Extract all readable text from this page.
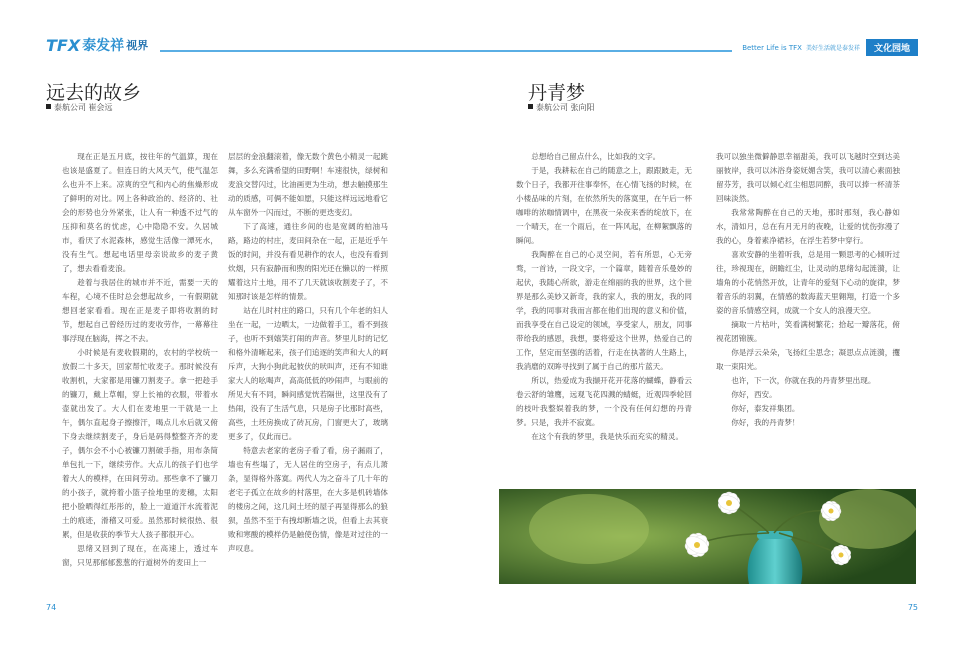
TFX 泰发祥 视界
远去的故乡
泰航公司 崔会远

现在正是五月底，按往年的气温算，现在也该是盛夏了。但连日的大风天气，使气温怎么也升不上来。凉爽的空气和内心的焦燥形成了鲜明的对比。网上各种政治的、经济的、社会的形势也分外紧张，让人有一种透不过气的压抑和莫名的忧虑，心中隐隐不安。久居城市，看厌了水泥森林，感觉生活像一潭死水，没有生气。想起电话里母亲说故乡的麦子黄了，想去看看麦浪。

趁着与我居住的城市并不近，需要一天的车程，心境不佳时总会想起故乡，一有假期就想回老家看看。现在正是麦子即将收割的时节，想起自己曾经历过的麦收劳作，一幕幕往事浮现在脑海，挥之不去。

小时候是有麦收假期的，农村的学校统一放假二十多天，回家帮忙收麦子。那时候没有收割机，大家都是用镰刀割麦子。拿一把趁手的镰刀，戴上草帽，穿上长袖的衣服，带着水壶就出发了。大人们在麦地里一干就是一上午，偶尔直起身子擦擦汗，喝点儿水后就又俯下身去继续割麦子，身后是码得整整齐齐的麦子，偶尔会不小心被镰刀割破手指，用布条简单包扎一下，继续劳作。大点儿的孩子们也学着大人的模样，在田间劳动。那些拿不了镰刀的小孩子，就挎着小篮子捡地里的麦穗，太阳把小脸晒得红彤彤的，脸上一道道汗水流着泥土的痕迹，滑稽又可爱。虽然那时候很热、很累，但是收获的季节大人孩子都很开心。

思绪又回到了现在，在高速上，透过车窗，只见那郁郁葱葱的行道树外的麦田上一

层层的金浪翻滚着，像无数个黄色小精灵一起跳舞，多么充满希望的田野啊！车速很快，绿树和麦浪交替闪过，比油画更为生动，想去触摸那生动的质感，可俩不能如愿，只能这样远远地看它从车窗外一闪而过，不断的更迭变幻。

下了高速，通往乡间的也是宽阔的柏油马路，路边的村庄，麦田间杂在一起，正是近乎午饭的时间，并没有看见耕作的农人，也没有看到炊烟，只有寂静而和煦的阳光还在懒以的一样照耀着这片土地，用不了几天就该收割麦子了，不知那时该是怎样的情景。

站在儿时村庄的路口，只有几个年老的妇人坐在一起，一边晒太，一边做着手工，看不到孩子，也听不到嬉笑打闹的声音。梦里儿时的记忆和格外清晰起来，孩子们追逐的笑声和大人的呵斥声，大狗小狗此起彼伏的吠叫声，还有不知谁家大人的吆喝声，高高低低的吵闹声，与眼前的所见大有不同，瞬间感觉恍若隔世，这里没有了热闹，没有了生活气息，只是房子比那时高些，高些，土坯房换成了砖瓦房，门窗更大了，玻璃更多了，仅此而已。

特意去老家的老房子看了看，房子漏雨了，墙也有些塌了，无人居住的空房子，有点儿萧条，显得格外落寞。两代人为之奋斗了几十年的老宅子孤立在故乡的村落里，在大多是机砖墙体的楼房之间，这几间土坯的屋子再显得那么的狼狈，虽然不至于有拽却断墙之说，但看上去其衰败和寒酸的模样仍是触使伤情，像是对过往的一声叹息。

74
Better Life is TFX 美好生活就是泰发祥	文化园地
丹青梦
泰航公司 张向阳

总想给自己留点什么，比如我的文字。

于是，我耕耘在自己的随意之上，跟跟跛走，无数个日子，我都开往事奉怀，在心情飞扬的时候，在小楼品味的片刻，在依然所失的落寞里，在午后一杯咖啡的浓咖情调中，在黑夜一朵夜来香的绽放下，在一个晴天，在一个雨后，在一阵风起，在柳絮飘落的瞬间。

我陶醉在自己的心灵空间，若有所思，心无旁骛，一首诗，一段文字，一个篇章，随着音乐曼妙的起伏，我随心所欲，游走在绵丽的我的世界，这个世界是那么美妙又新奇，我的家人，我的朋友，我的同学，我的同事对我而言都在他们出现的意义和价值，而我享受在自己设定的领域，享受家人，朋友，同事带给我的感恩，我想，要将爱这个世界，热爱自己的工作，坚定而坚强的活着，行走在执著的人生路上，我消磨的双眸寻找到了属于自己的那片蓝天。

所以，热爱成为我撷开花开花落的蝴蝶，静看云卷云舒的雏鹰，远观飞花四溅的蜻蜓，近观四季轮回的枝叶我整娱着我的梦，一个没有任何幻想的丹青梦。只是，我并不寂寞。

在这个有我的梦里，我是快乐而充实的精灵。

我可以独坐微僻静思幸福甜美，我可以飞越时空到达美丽彼岸，我可以沐浴身姿妩媚含笑，我可以清心素面独留芬芳，我可以倾心红尘相思同醉，我可以捧一杯清茶回味淡然。

我常常陶醉在自己的天地，那时那刻，我心静如水，清如月，总在有月无月的夜晚，让爱的忧伤弥漫了我的心，身着素净裙衫，在浮生若梦中穿行。

喜欢安静的坐着听我，总是用一颗思考的心倾听过往，珍视现在，朗瞻红尘，让灵动的思绪勾起涟漪，让墙角的小花悄然开放，让青年的爱刻下心动的旋律，梦着音乐的羽翼，在情感的数海蓝天里翱翔，打造一个多姿的音乐情感空间，成就一个女人的浪漫天空。

摘取一片枯叶，笑看满树繁花；拾起一瓣落花，俯视花团锦簇。

你是浮云朵朵，飞扬红尘思念；凝思点点涟漪，攫取一束阳光。

也许，下一次，你就在我的丹青梦里出现。

你好，西安。

你好，泰发祥集团。

你好，我的丹青梦！

75
